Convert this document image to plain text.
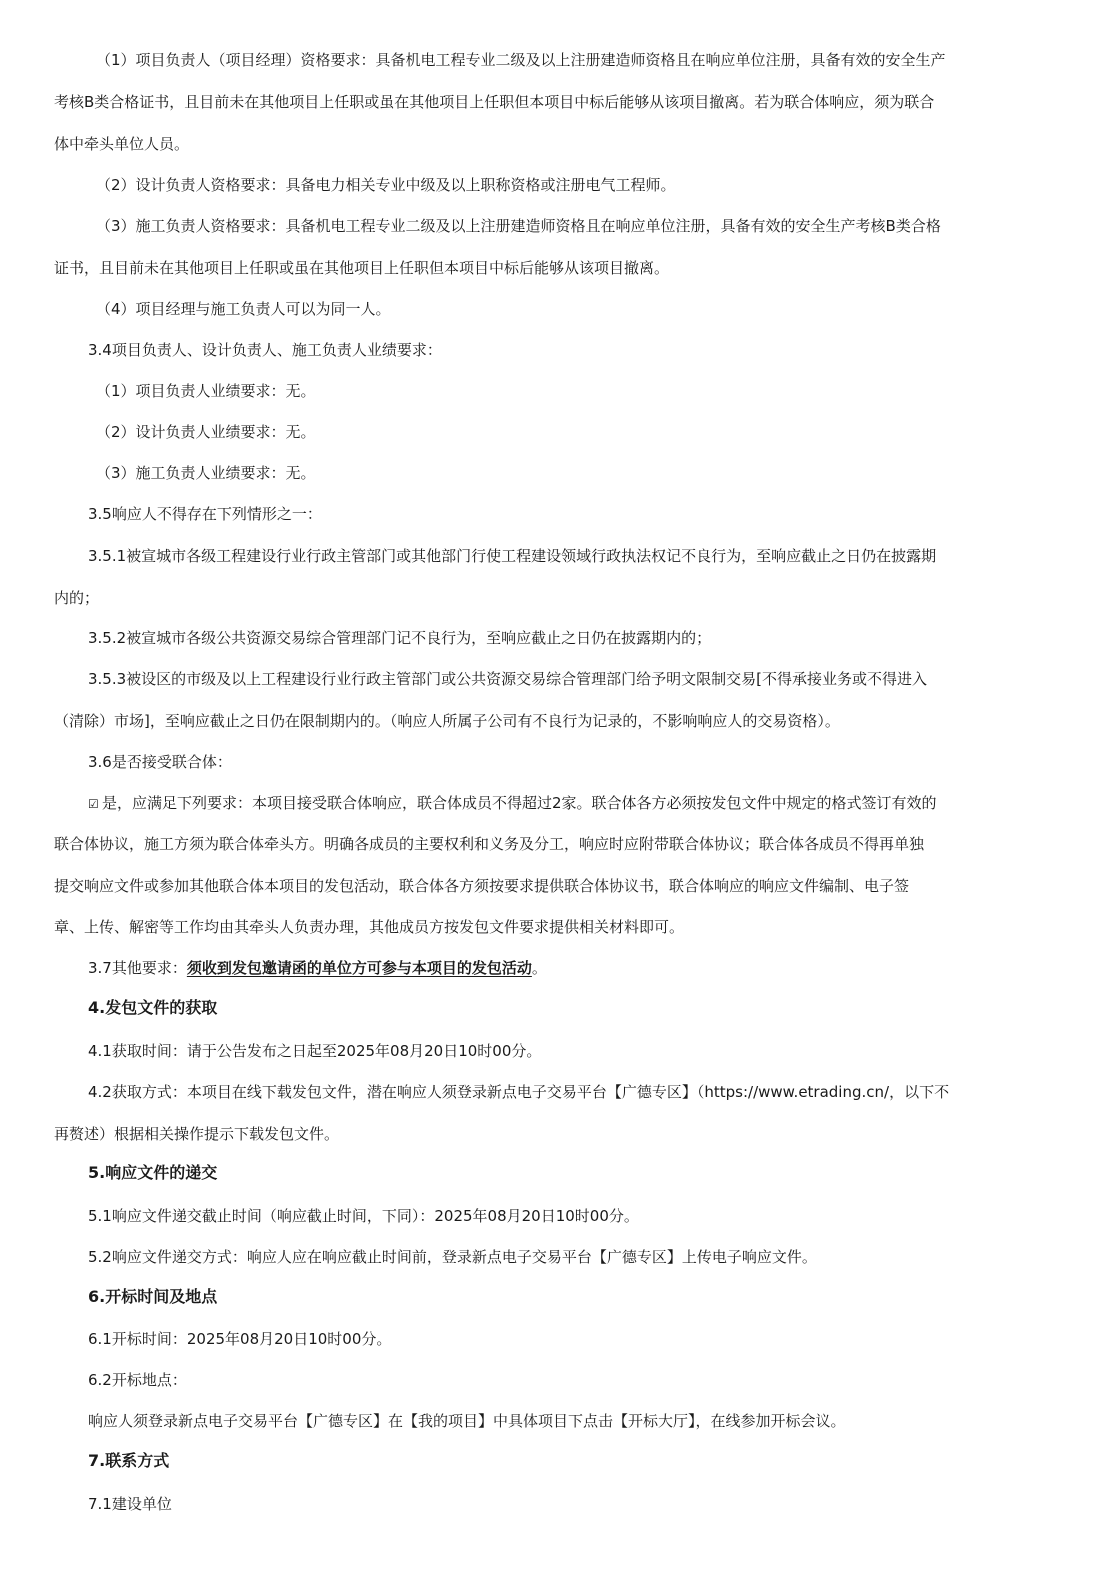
（1）项目负责人（项目经理）资格要求：具备机电工程专业二级及以上注册建造师资格且在响应单位注册，具备有效的安全生产
考核B类合格证书，且目前未在其他项目上任职或虽在其他项目上任职但本项目中标后能够从该项目撤离。若为联合体响应，须为联合
体中牵头单位人员。
（2）设计负责人资格要求：具备电力相关专业中级及以上职称资格或注册电气工程师。
（3）施工负责人资格要求：具备机电工程专业二级及以上注册建造师资格且在响应单位注册，具备有效的安全生产考核B类合格
证书，且目前未在其他项目上任职或虽在其他项目上任职但本项目中标后能够从该项目撤离。
（4）项目经理与施工负责人可以为同一人。
3.4项目负责人、设计负责人、施工负责人业绩要求：
（1）项目负责人业绩要求：无。
（2）设计负责人业绩要求：无。
（3）施工负责人业绩要求：无。
3.5响应人不得存在下列情形之一：
3.5.1被宣城市各级工程建设行业行政主管部门或其他部门行使工程建设领域行政执法权记不良行为，至响应截止之日仍在披露期
内的；
3.5.2被宣城市各级公共资源交易综合管理部门记不良行为，至响应截止之日仍在披露期内的；
3.5.3被设区的市级及以上工程建设行业行政主管部门或公共资源交易综合管理部门给予明文限制交易[不得承接业务或不得进入
（清除）市场]，至响应截止之日仍在限制期内的。（响应人所属子公司有不良行为记录的，不影响响应人的交易资格）。
3.6是否接受联合体：
☑ 是，应满足下列要求：本项目接受联合体响应，联合体成员不得超过2家。联合体各方必须按发包文件中规定的格式签订有效的
联合体协议，施工方须为联合体牵头方。明确各成员的主要权利和义务及分工，响应时应附带联合体协议；联合体各成员不得再单独
提交响应文件或参加其他联合体本项目的发包活动，联合体各方须按要求提供联合体协议书，联合体响应的响应文件编制、电子签
章、上传、解密等工作均由其牵头人负责办理，其他成员方按发包文件要求提供相关材料即可。
3.7其他要求：须收到发包邀请函的单位方可参与本项目的发包活动。
4.发包文件的获取
4.1获取时间：请于公告发布之日起至2025年08月20日10时00分。
4.2获取方式：本项目在线下载发包文件，潜在响应人须登录新点电子交易平台【广德专区】（https://www.etrading.cn/，以下不
再赘述）根据相关操作提示下载发包文件。
5.响应文件的递交
5.1响应文件递交截止时间（响应截止时间，下同）：2025年08月20日10时00分。
5.2响应文件递交方式：响应人应在响应截止时间前，登录新点电子交易平台【广德专区】上传电子响应文件。
6.开标时间及地点
6.1开标时间：2025年08月20日10时00分。
6.2开标地点：
响应人须登录新点电子交易平台【广德专区】在【我的项目】中具体项目下点击【开标大厅】，在线参加开标会议。
7.联系方式
7.1建设单位
